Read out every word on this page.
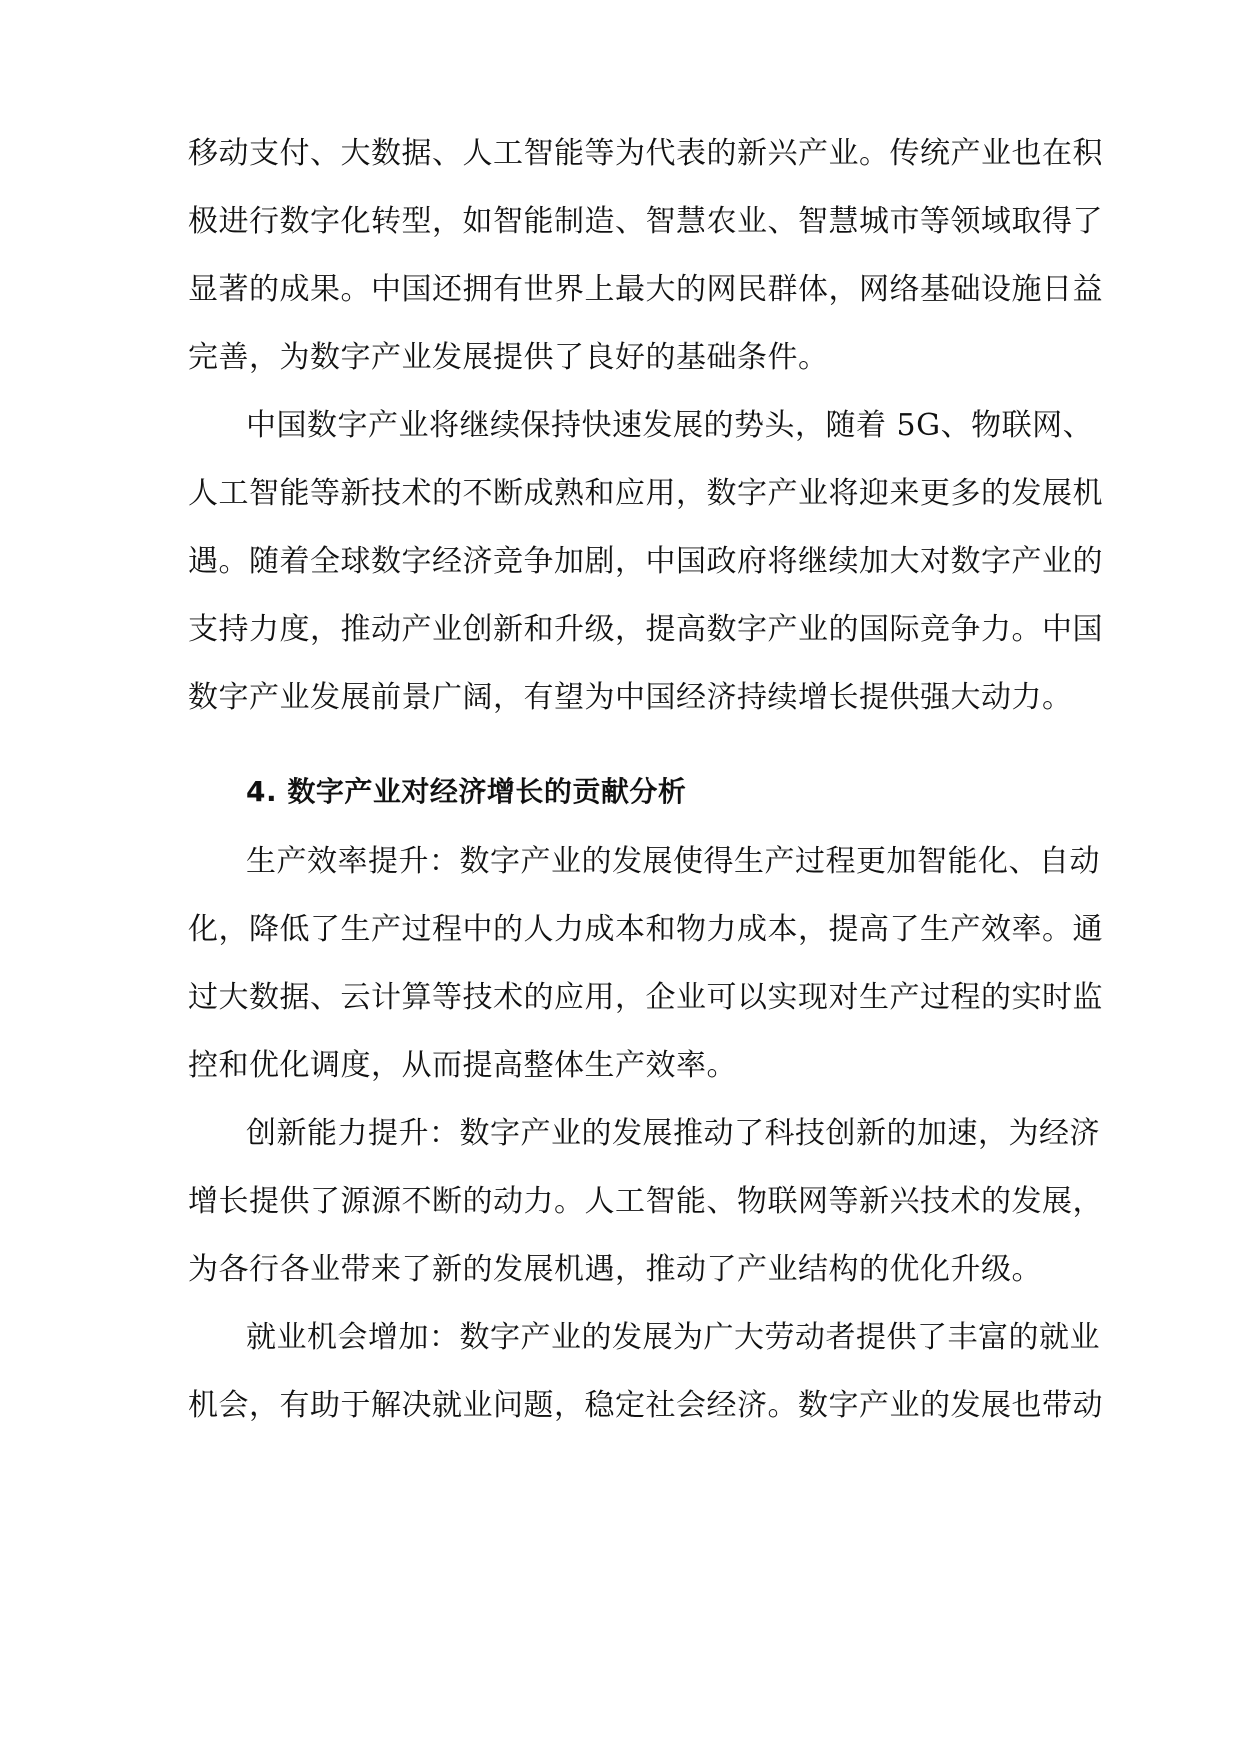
移动支付、大数据、人工智能等为代表的新兴产业。传统产业也在积
极进行数字化转型，如智能制造、智慧农业、智慧城市等领域取得了
显著的成果。中国还拥有世界上最大的网民群体，网络基础设施日益
完善，为数字产业发展提供了良好的基础条件。
中国数字产业将继续保持快速发展的势头，随着 5G、物联网、
人工智能等新技术的不断成熟和应用，数字产业将迎来更多的发展机
遇。随着全球数字经济竞争加剧，中国政府将继续加大对数字产业的
支持力度，推动产业创新和升级，提高数字产业的国际竞争力。中国
数字产业发展前景广阔，有望为中国经济持续增长提供强大动力。
4. 数字产业对经济增长的贡献分析
生产效率提升：数字产业的发展使得生产过程更加智能化、自动
化，降低了生产过程中的人力成本和物力成本，提高了生产效率。通
过大数据、云计算等技术的应用，企业可以实现对生产过程的实时监
控和优化调度，从而提高整体生产效率。
创新能力提升：数字产业的发展推动了科技创新的加速，为经济
增长提供了源源不断的动力。人工智能、物联网等新兴技术的发展，
为各行各业带来了新的发展机遇，推动了产业结构的优化升级。
就业机会增加：数字产业的发展为广大劳动者提供了丰富的就业
机会，有助于解决就业问题，稳定社会经济。数字产业的发展也带动
